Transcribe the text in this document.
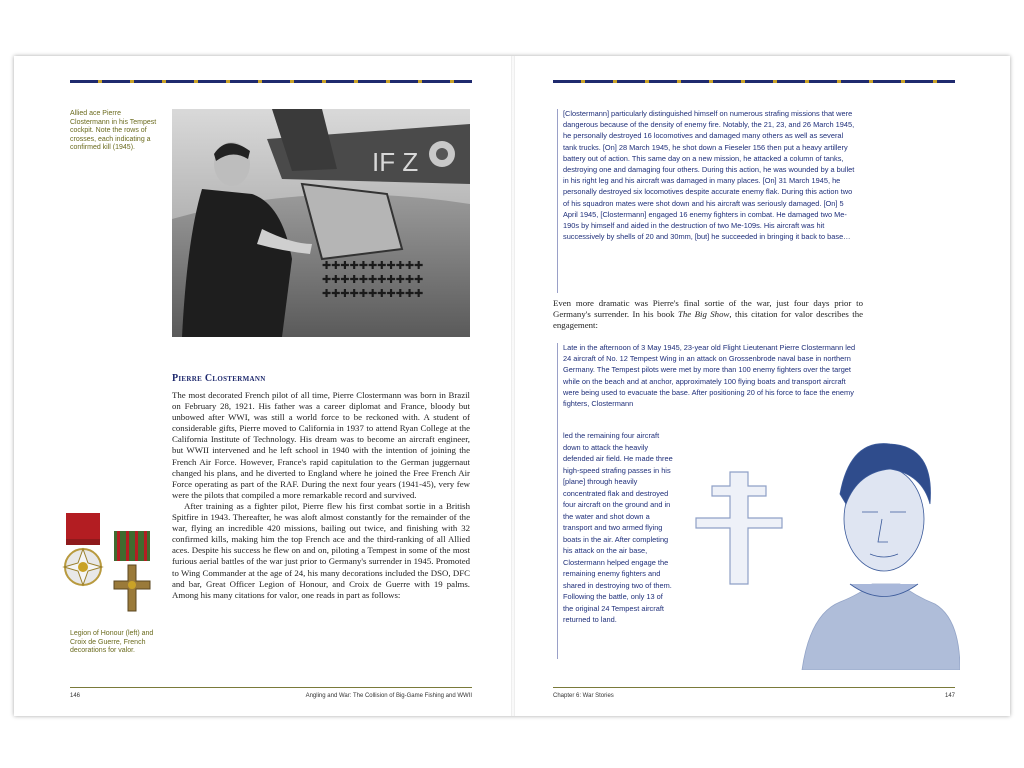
Allied ace Pierre Clostermann in his Tempest cockpit. Note the rows of crosses, each indicating a confirmed kill (1945).	IF Z
✚✚✚✚✚✚✚✚✚✚✚
✚✚✚✚✚✚✚✚✚✚✚
✚✚✚✚✚✚✚✚✚✚✚
Pierre Clostermann

The most decorated French pilot of all time, Pierre Clostermann was born in Brazil on February 28, 1921. His father was a career diplomat and France, bloody but unbowed after WWI, was still a world force to be reckoned with. A student of considerable gifts, Pierre moved to California in 1937 to attend Ryan College at the California Institute of Technology. His dream was to become an aircraft engineer, but WWII intervened and he left school in 1940 with the intention of joining the French Air Force. However, France's rapid capitulation to the German juggernaut changed his plans, and he diverted to England where he joined the Free French Air Force operating as part of the RAF. During the next four years (1941-45), very few were the pilots that compiled a more remarkable record and survived.

After training as a fighter pilot, Pierre flew his first combat sortie in a British Spitfire in 1943. Thereafter, he was aloft almost constantly for the remainder of the war, flying an incredible 420 missions, bailing out twice, and finishing with 32 confirmed kills, making him the top French ace and the third-ranking of all Allied aces. Despite his success he flew on and on, piloting a Tempest in some of the most furious aerial battles of the war just prior to Germany's surrender in 1945. Promoted to Wing Commander at the age of 24, his many decorations included the DSO, DFC and bar, Great Officer Legion of Honour, and Croix de Guerre with 19 palms. Among his many citations for valor, one reads in part as follows:

Legion of Honour (left) and Croix de Guerre, French decorations for valor.
146	Angling and War: The Collision of Big-Game Fishing and WWII
[Clostermann] particularly distinguished himself on numerous strafing missions that were dangerous because of the density of enemy fire. Notably, the 21, 23, and 26 March 1945, he personally destroyed 16 locomotives and damaged many others as well as several tank trucks. [On] 28 March 1945, he shot down a Fieseler 156 then put a heavy artillery battery out of action. This same day on a new mission, he attacked a column of tanks, destroying one and damaging four others. During this action, he was wounded by a bullet in his right leg and his aircraft was damaged in many places. [On] 31 March 1945, he personally destroyed six locomotives despite accurate enemy flak. During this action two of his squadron mates were shot down and his aircraft was seriously damaged. [On] 5 April 1945, [Clostermann] engaged 16 enemy fighters in combat. He damaged two Me-190s by himself and aided in the destruction of two Me-109s. His aircraft was hit successively by shells of 20 and 30mm, [but] he succeeded in bringing it back to base…

Even more dramatic was Pierre's final sortie of the war, just four days prior to Germany's surrender. In his book The Big Show, this citation for valor describes the engagement:

Late in the afternoon of 3 May 1945, 23-year old Flight Lieutenant Pierre Clostermann led 24 aircraft of No. 12 Tempest Wing in an attack on Grossenbrode naval base in northern Germany. The Tempest pilots were met by more than 100 enemy fighters over the target while on the beach and at anchor, approximately 100 flying boats and transport aircraft were being used to evacuate the base. After positioning 20 of his force to face the enemy fighters, Clostermann
led the remaining four aircraft down to attack the heavily defended air field. He made three high-speed strafing passes in his [plane] through heavily concentrated flak and destroyed four aircraft on the ground and in the water and shot down a transport and two armed flying boats in the air. After completing his attack on the air base, Clostermann helped engage the remaining enemy fighters and shared in destroying two of them. Following the battle, only 13 of the original 24 Tempest aircraft returned to land.
Chapter 6: War Stories	147
